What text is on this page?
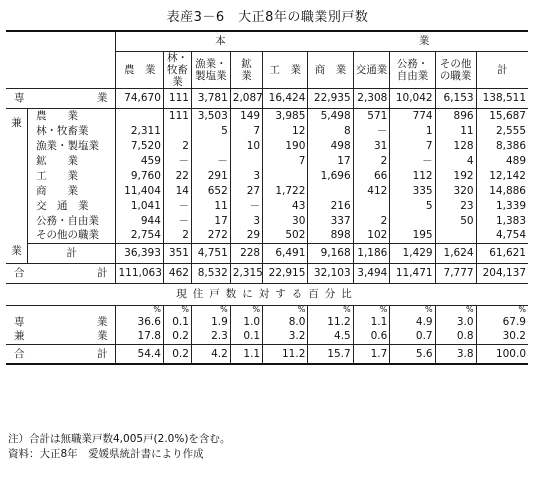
表産3－6　大正8年の職業別戸数

		本 業									

		農　業	林・
牧畜業	漁業・
製塩業	鉱　業	工　業	商　業	交通業	公務・
自由業	その他
の職業	計

専 業		74,670	111	3,781	2,087	16,424	22,935	2,308	10,042	6,153	138,511

兼
業	農　　業		111	3,503	149	3,985	5,498	571	774	896	15,687
	林・牧畜業	2,311		5	7	12	8	－	1	11	2,555
	漁業・製塩業	7,520	2		10	190	498	31	7	128	8,386
	鉱　　業	459	－	－		7	17	2	－	4	489
	工　　業	9,760	22	291	3		1,696	66	112	192	12,142
	商　　業	11,404	14	652	27	1,722		412	335	320	14,886
	交　通　業	1,041	－	11	－	43	216		5	23	1,339
	公務・自由業	944	－	17	3	30	337	2		50	1,383
	その他の職業	2,754	2	272	29	502	898	102	195		4,754
	計	36,393	351	4,751	228	6,491	9,168	1,186	1,429	1,624	61,621

合 計		111,063	462	8,532	2,315	22,915	32,103	3,494	11,471	7,777	204,137
現住戸数に対する百分比											
		%	%	%	%	%	%	%	%	%	%

専 業		36.6	0.1	1.9	1.0	8.0	11.2	1.1	4.9	3.0	67.9

兼 業		17.8	0.2	2.3	0.1	3.2	4.5	0.6	0.7	0.8	30.2

合 計		54.4	0.2	4.2	1.1	11.2	15.7	1.7	5.6	3.8	100.0
注）合計は無職業戸数4,005戸(2.0%)を含む。
資料：大正8年　愛媛県統計書により作成
